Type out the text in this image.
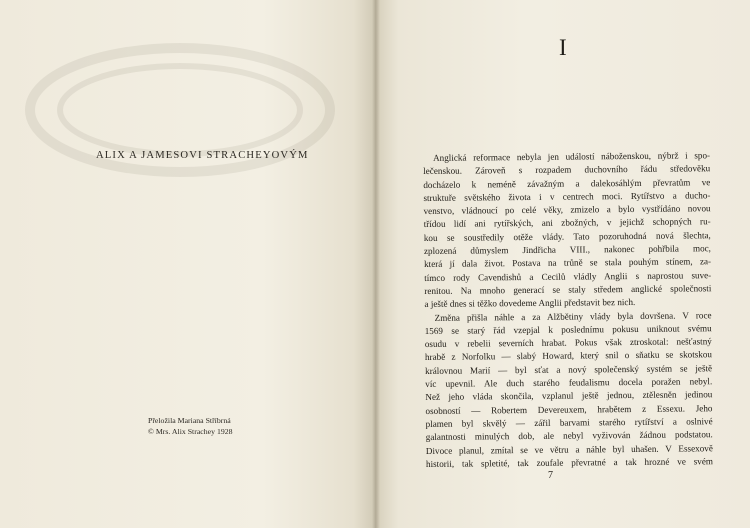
ALIX A JAMESOVI STRACHEYOVÝM
Přeložila Mariana Stříbrná
© Mrs. Alix Strachey 1928
I
Anglická reformace nebyla jen událostí náboženskou, nýbrž i spo-
lečenskou. Zároveň s rozpadem duchovního řádu středověku
docházelo k neméně závažným a dalekosáhlým převratům ve
struktuře světského života i v centrech moci. Rytířstvo a ducho-
venstvo, vládnoucí po celé věky, zmizelo a bylo vystřídáno novou
třídou lidí ani rytířských, ani zbožných, v jejichž schopných ru-
kou se soustředily otěže vlády. Tato pozoruhodná nová šlechta,
zplozená důmyslem Jindřicha VIII., nakonec pohřbila moc,
která jí dala život. Postava na trůně se stala pouhým stínem, za-
tímco rody Cavendishů a Cecilů vládly Anglii s naprostou suve-
renitou. Na mnoho generací se staly středem anglické společnosti
a ještě dnes si těžko dovedeme Anglii představit bez nich.
Změna přišla náhle a za Alžbětiny vlády byla dovršena. V roce
1569 se starý řád vzepjal k poslednímu pokusu uniknout svému
osudu v rebelii severních hrabat. Pokus však ztroskotal: nešťastný
hrabě z Norfolku — slabý Howard, který snil o sňatku se skotskou
královnou Marií — byl sťat a nový společenský systém se ještě
víc upevnil. Ale duch starého feudalismu docela poražen nebyl.
Než jeho vláda skončila, vzplanul ještě jednou, ztělesněn jedinou
osobností — Robertem Devereuxem, hrabětem z Essexu. Jeho
plamen byl skvělý — zářil barvami starého rytířství a oslnivé
galantnosti minulých dob, ale nebyl vyživován žádnou podstatou.
Divoce planul, zmítal se ve větru a náhle byl uhašen. V Essexově
historii, tak spletité, tak zoufale převratné a tak hrozné ve svém
7
